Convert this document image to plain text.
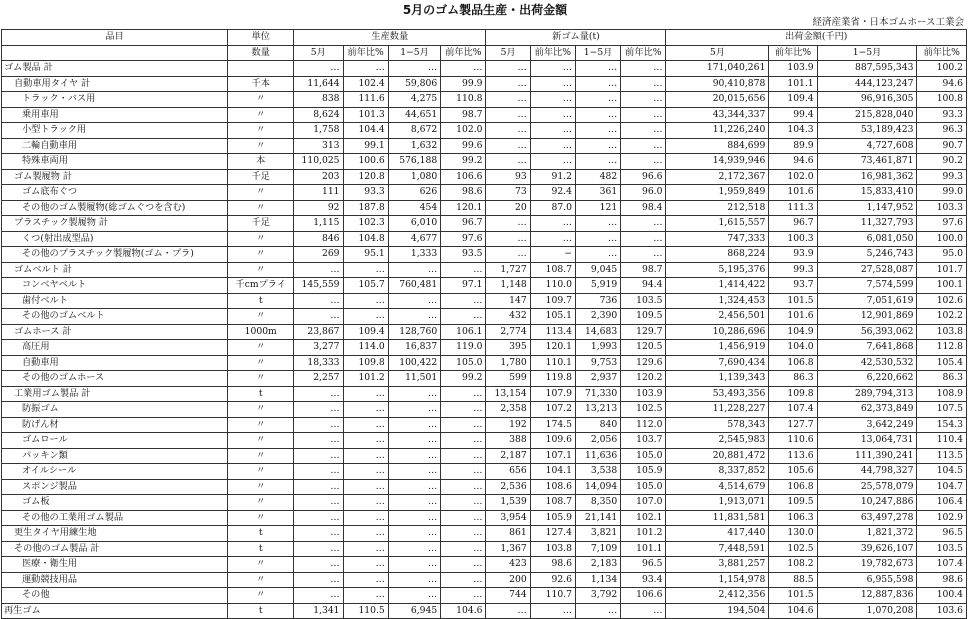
5月のゴム製品生産・出荷金額
経済産業省・日本ゴムホース工業会
品目	単位	生産数量				新ゴム量(t)				出荷金額(千円)			
	数量	5月	前年比%	1−5月	前年比%	5月	前年比%	1−5月	前年比%	5月	前年比%	1−5月	前年比%
ゴム製品 計		…	…	…	…	…	…	…	…	171,040,261	103.9	887,595,343	100.2
自動車用タイヤ 計	千本	11,644	102.4	59,806	99.9	…	…	…	…	90,410,878	101.1	444,123,247	94.6
トラック・バス用	〃	838	111.6	4,275	110.8	…	…	…	…	20,015,656	109.4	96,916,305	100.8
乗用車用	〃	8,624	101.3	44,651	98.7	…	…	…	…	43,344,337	99.4	215,828,040	93.3
小型トラック用	〃	1,758	104.4	8,672	102.0	…	…	…	…	11,226,240	104.3	53,189,423	96.3
二輪自動車用	〃	313	99.1	1,632	99.6	…	…	…	…	884,699	89.9	4,727,608	90.7
特殊車両用	本	110,025	100.6	576,188	99.2	…	…	…	…	14,939,946	94.6	73,461,871	90.2
ゴム製履物 計	千足	203	120.8	1,080	106.6	93	91.2	482	96.6	2,172,367	102.0	16,981,362	99.3
ゴム底布ぐつ	〃	111	93.3	626	98.6	73	92.4	361	96.0	1,959,849	101.6	15,833,410	99.0
その他のゴム製履物(総ゴムぐつを含む)	〃	92	187.8	454	120.1	20	87.0	121	98.4	212,518	111.3	1,147,952	103.3
プラスチック製履物 計	千足	1,115	102.3	6,010	96.7	…	…	…	…	1,615,557	96.7	11,327,793	97.6
くつ(射出成型品)	〃	846	104.8	4,677	97.6	…	…	…	…	747,333	100.3	6,081,050	100.0
その他のプラスチック製履物(ゴム・プラ)	〃	269	95.1	1,333	93.5	…	−	…	…	868,224	93.9	5,246,743	95.0
ゴムベルト 計	〃	…	…	…	…	1,727	108.7	9,045	98.7	5,195,376	99.3	27,528,087	101.7
コンベヤベルト	千cmプライ	145,559	105.7	760,481	97.1	1,148	110.0	5,919	94.4	1,414,422	93.7	7,574,599	100.1
歯付ベルト	t	…	…	…	…	147	109.7	736	103.5	1,324,453	101.5	7,051,619	102.6
その他のゴムベルト	〃	…	…	…	…	432	105.1	2,390	109.5	2,456,501	101.6	12,901,869	102.2
ゴムホース 計	1000m	23,867	109.4	128,760	106.1	2,774	113.4	14,683	129.7	10,286,696	104.9	56,393,062	103.8
高圧用	〃	3,277	114.0	16,837	119.0	395	120.1	1,993	120.5	1,456,919	104.0	7,641,868	112.8
自動車用	〃	18,333	109.8	100,422	105.0	1,780	110.1	9,753	129.6	7,690,434	106.8	42,530,532	105.4
その他のゴムホース	〃	2,257	101.2	11,501	99.2	599	119.8	2,937	120.2	1,139,343	86.3	6,220,662	86.3
工業用ゴム製品 計	t	…	…	…	…	13,154	107.9	71,330	103.9	53,493,356	109.8	289,794,313	108.9
防振ゴム	〃	…	…	…	…	2,358	107.2	13,213	102.5	11,228,227	107.4	62,373,849	107.5
防げん材	〃	…	…	…	…	192	174.5	840	112.0	578,343	127.7	3,642,249	154.3
ゴムロール	〃	…	…	…	…	388	109.6	2,056	103.7	2,545,983	110.6	13,064,731	110.4
パッキン類	〃	…	…	…	…	2,187	107.1	11,636	105.0	20,881,472	113.6	111,390,241	113.5
オイルシール	〃	…	…	…	…	656	104.1	3,538	105.9	8,337,852	105.6	44,798,327	104.5
スポンジ製品	〃	…	…	…	…	2,536	108.6	14,094	105.0	4,514,679	106.8	25,578,079	104.7
ゴム板	〃	…	…	…	…	1,539	108.7	8,350	107.0	1,913,071	109.5	10,247,886	106.4
その他の工業用ゴム製品	〃	…	…	…	…	3,954	105.9	21,141	102.1	11,831,581	106.3	63,497,278	102.9
更生タイヤ用練生地	t	…	…	…	…	861	127.4	3,821	101.2	417,440	130.0	1,821,372	96.5
その他のゴム製品 計	t	…	…	…	…	1,367	103.8	7,109	101.1	7,448,591	102.5	39,626,107	103.5
医療・衛生用	〃	…	…	…	…	423	98.6	2,183	96.5	3,881,257	108.2	19,782,673	107.4
運動競技用品	〃	…	…	…	…	200	92.6	1,134	93.4	1,154,978	88.5	6,955,598	98.6
その他	〃	…	…	…	…	744	110.7	3,792	106.6	2,412,356	101.5	12,887,836	100.4
再生ゴム	t	1,341	110.5	6,945	104.6	…	…	…	…	194,504	104.6	1,070,208	103.6
